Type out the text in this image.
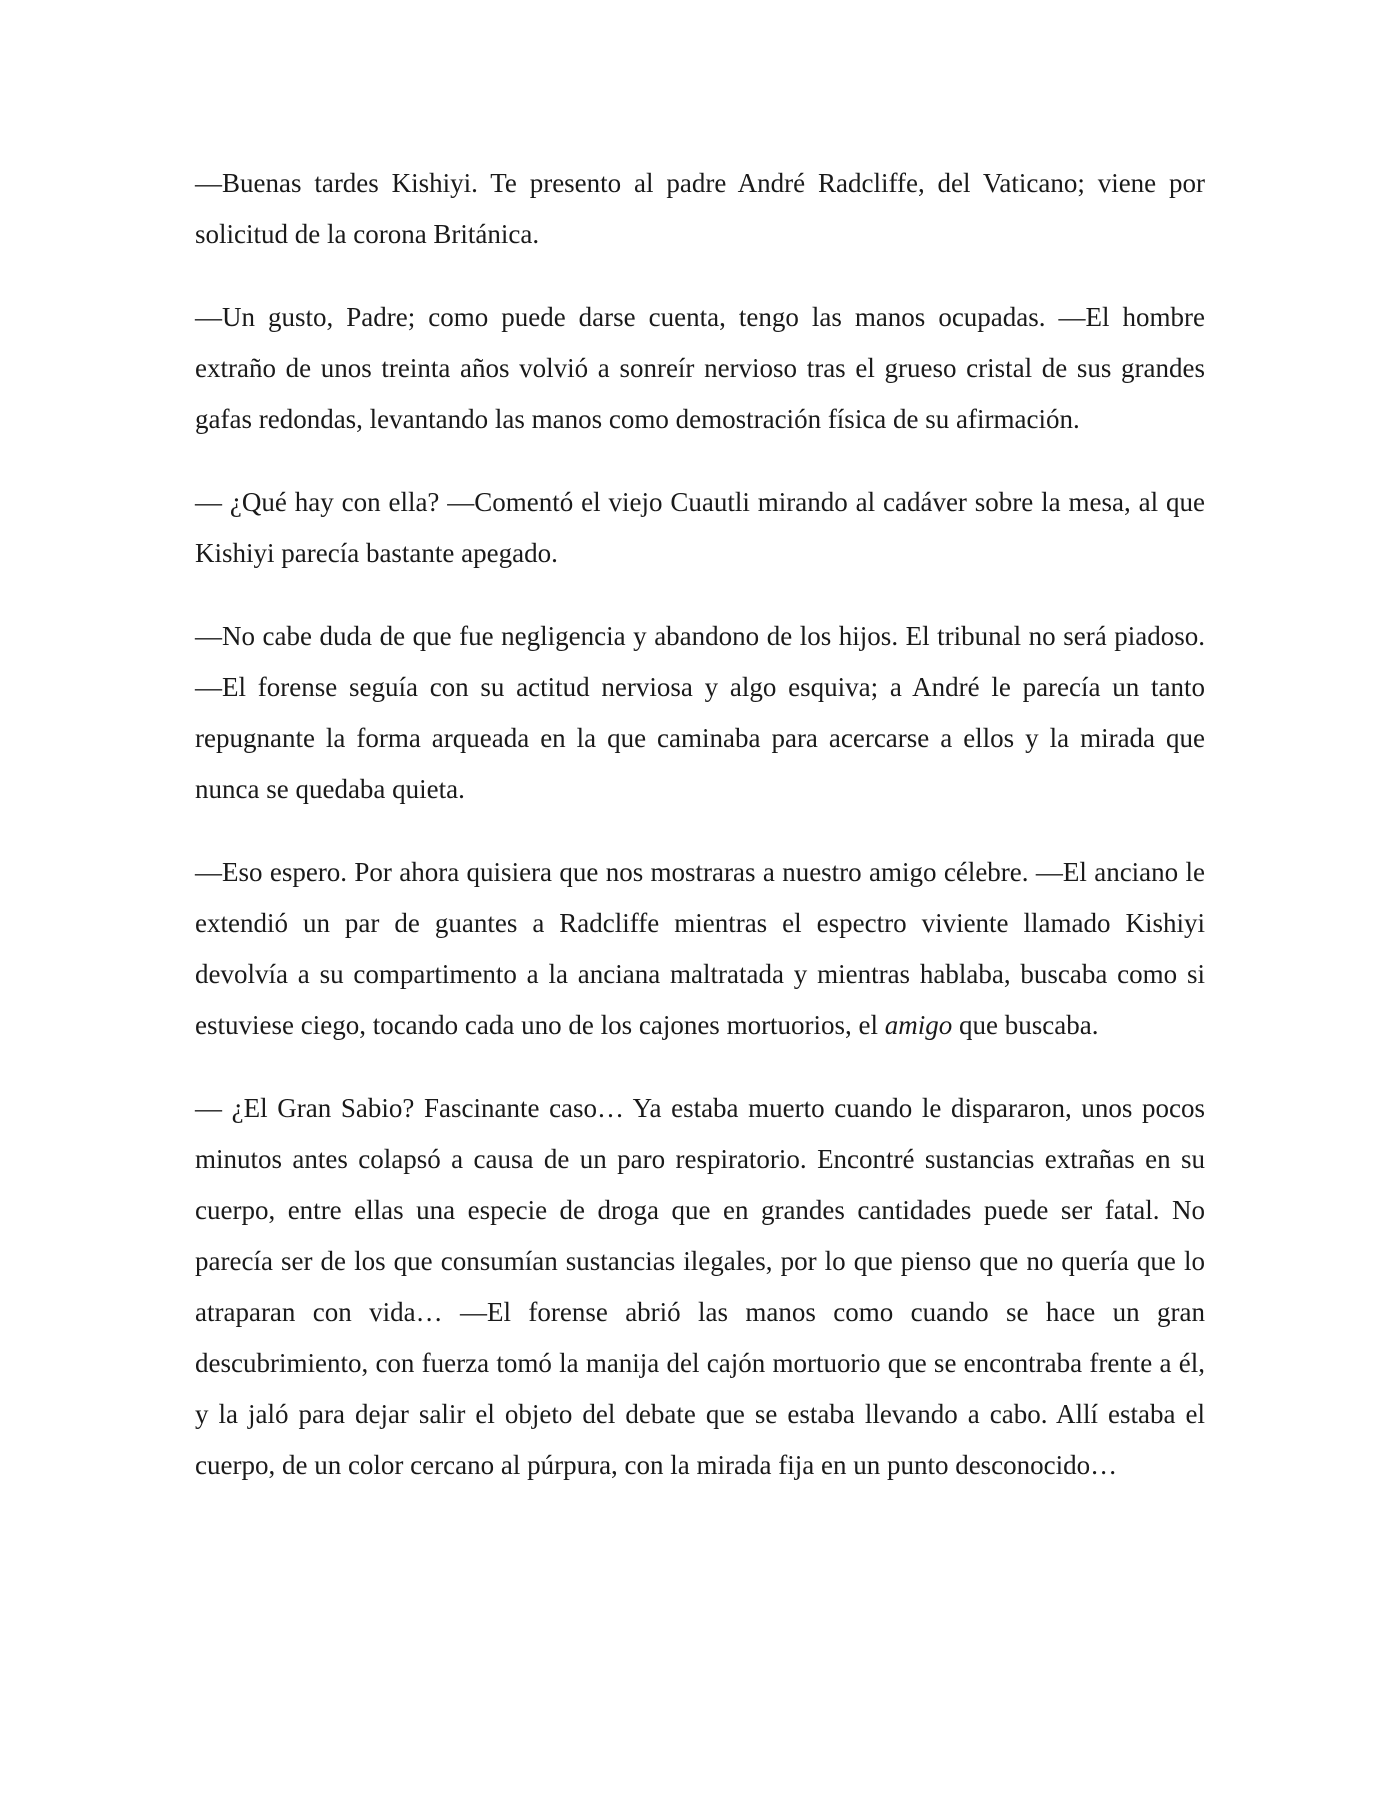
—Buenas tardes Kishiyi. Te presento al padre André Radcliffe, del Vaticano; viene por solicitud de la corona Británica.

—Un gusto, Padre; como puede darse cuenta, tengo las manos ocupadas. —El hombre extraño de unos treinta años volvió a sonreír nervioso tras el grueso cristal de sus grandes gafas redondas, levantando las manos como demostración física de su afirmación.

— ¿Qué hay con ella? —Comentó el viejo Cuautli mirando al cadáver sobre la mesa, al que Kishiyi parecía bastante apegado.

—No cabe duda de que fue negligencia y abandono de los hijos. El tribunal no será piadoso. —El forense seguía con su actitud nerviosa y algo esquiva; a André le parecía un tanto repugnante la forma arqueada en la que caminaba para acercarse a ellos y la mirada que nunca se quedaba quieta.

—Eso espero. Por ahora quisiera que nos mostraras a nuestro amigo célebre. —El anciano le extendió un par de guantes a Radcliffe mientras el espectro viviente llamado Kishiyi devolvía a su compartimento a la anciana maltratada y mientras hablaba, buscaba como si estuviese ciego, tocando cada uno de los cajones mortuorios, el amigo que buscaba.

— ¿El Gran Sabio? Fascinante caso… Ya estaba muerto cuando le dispararon, unos pocos minutos antes colapsó a causa de un paro respiratorio. Encontré sustancias extrañas en su cuerpo, entre ellas una especie de droga que en grandes cantidades puede ser fatal. No parecía ser de los que consumían sustancias ilegales, por lo que pienso que no quería que lo atraparan con vida… —El forense abrió las manos como cuando se hace un gran descubrimiento, con fuerza tomó la manija del cajón mortuorio que se encontraba frente a él, y la jaló para dejar salir el objeto del debate que se estaba llevando a cabo. Allí estaba el cuerpo, de un color cercano al púrpura, con la mirada fija en un punto desconocido…
